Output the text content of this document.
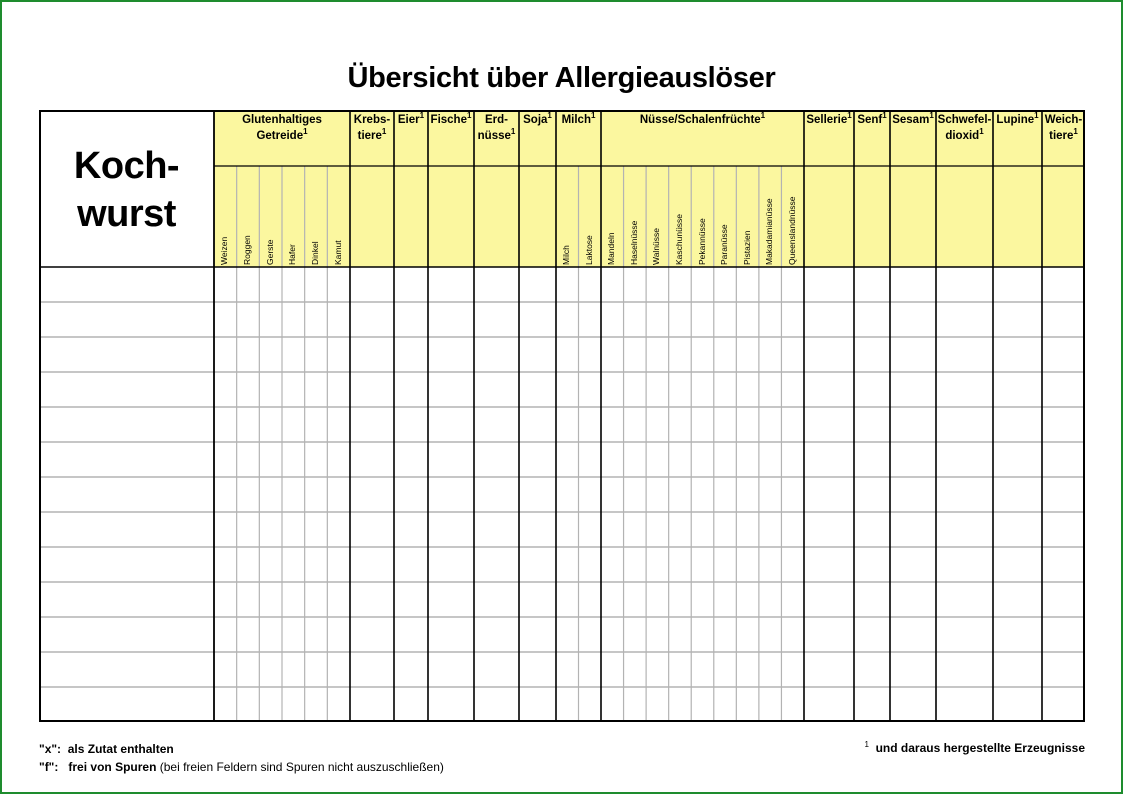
Übersicht über Allergieauslöser
Weizen Roggen Gerste Hafer Dinkel Kamut
Glutenhaltiges
Getreide$^1$
Krebs-
tiere$^1$
Eier$^1$ Fische$^1$	Erd-
nüsse$^1$
Soja$^1$
Milch Laktose
Milch$^1$
Mandeln Haselnüsse Walnüsse Kaschunüsse Pekannüsse Paranüsse Pistazien Makadamianüsse Queenslandnüsse
Nüsse/Schalenfrüchte$^1$	Sellerie$^1$ Senf$^1$ Sesam$^1$ Schwefel-
dioxid$^1$
Lupine$^1$ Weich-
tiere$^1$
Koch-
wurst
"x": als Zutat enthalten
"f": frei von Spuren (bei freien Feldern sind Spuren nicht auszuschließen)
$^1$ und daraus hergestellte Erzeugnisse
